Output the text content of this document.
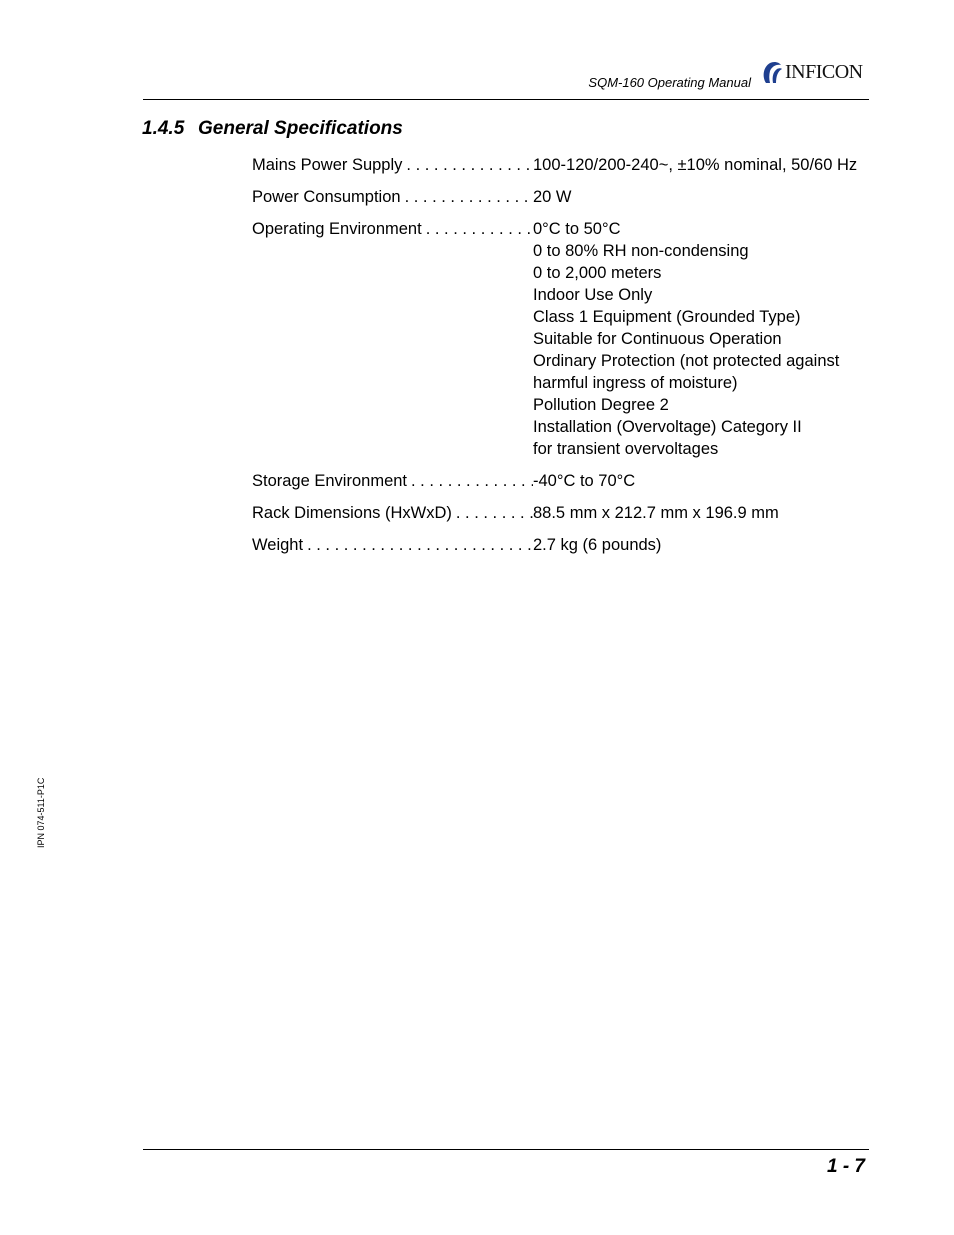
SQM-160 Operating Manual INFICON
1.4.5 General Specifications
Mains Power Supply . . .	100-120/200-240~, ±10% nominal, 50/60 Hz
Power Consumption . . .	20 W
Operating Environment . . .	0°C to 50°C
0 to 80% RH non-condensing
0 to 2,000 meters
Indoor Use Only
Class 1 Equipment (Grounded Type)
Suitable for Continuous Operation
Ordinary Protection (not protected against
harmful ingress of moisture)
Pollution Degree 2
Installation (Overvoltage) Category II
for transient overvoltages
Storage Environment . . .	-40°C to 70°C
Rack Dimensions (HxWxD) . . .	88.5 mm x 212.7 mm x 196.9 mm
Weight . . .	2.7 kg (6 pounds)
IPN 074-511-P1C
1 - 7
